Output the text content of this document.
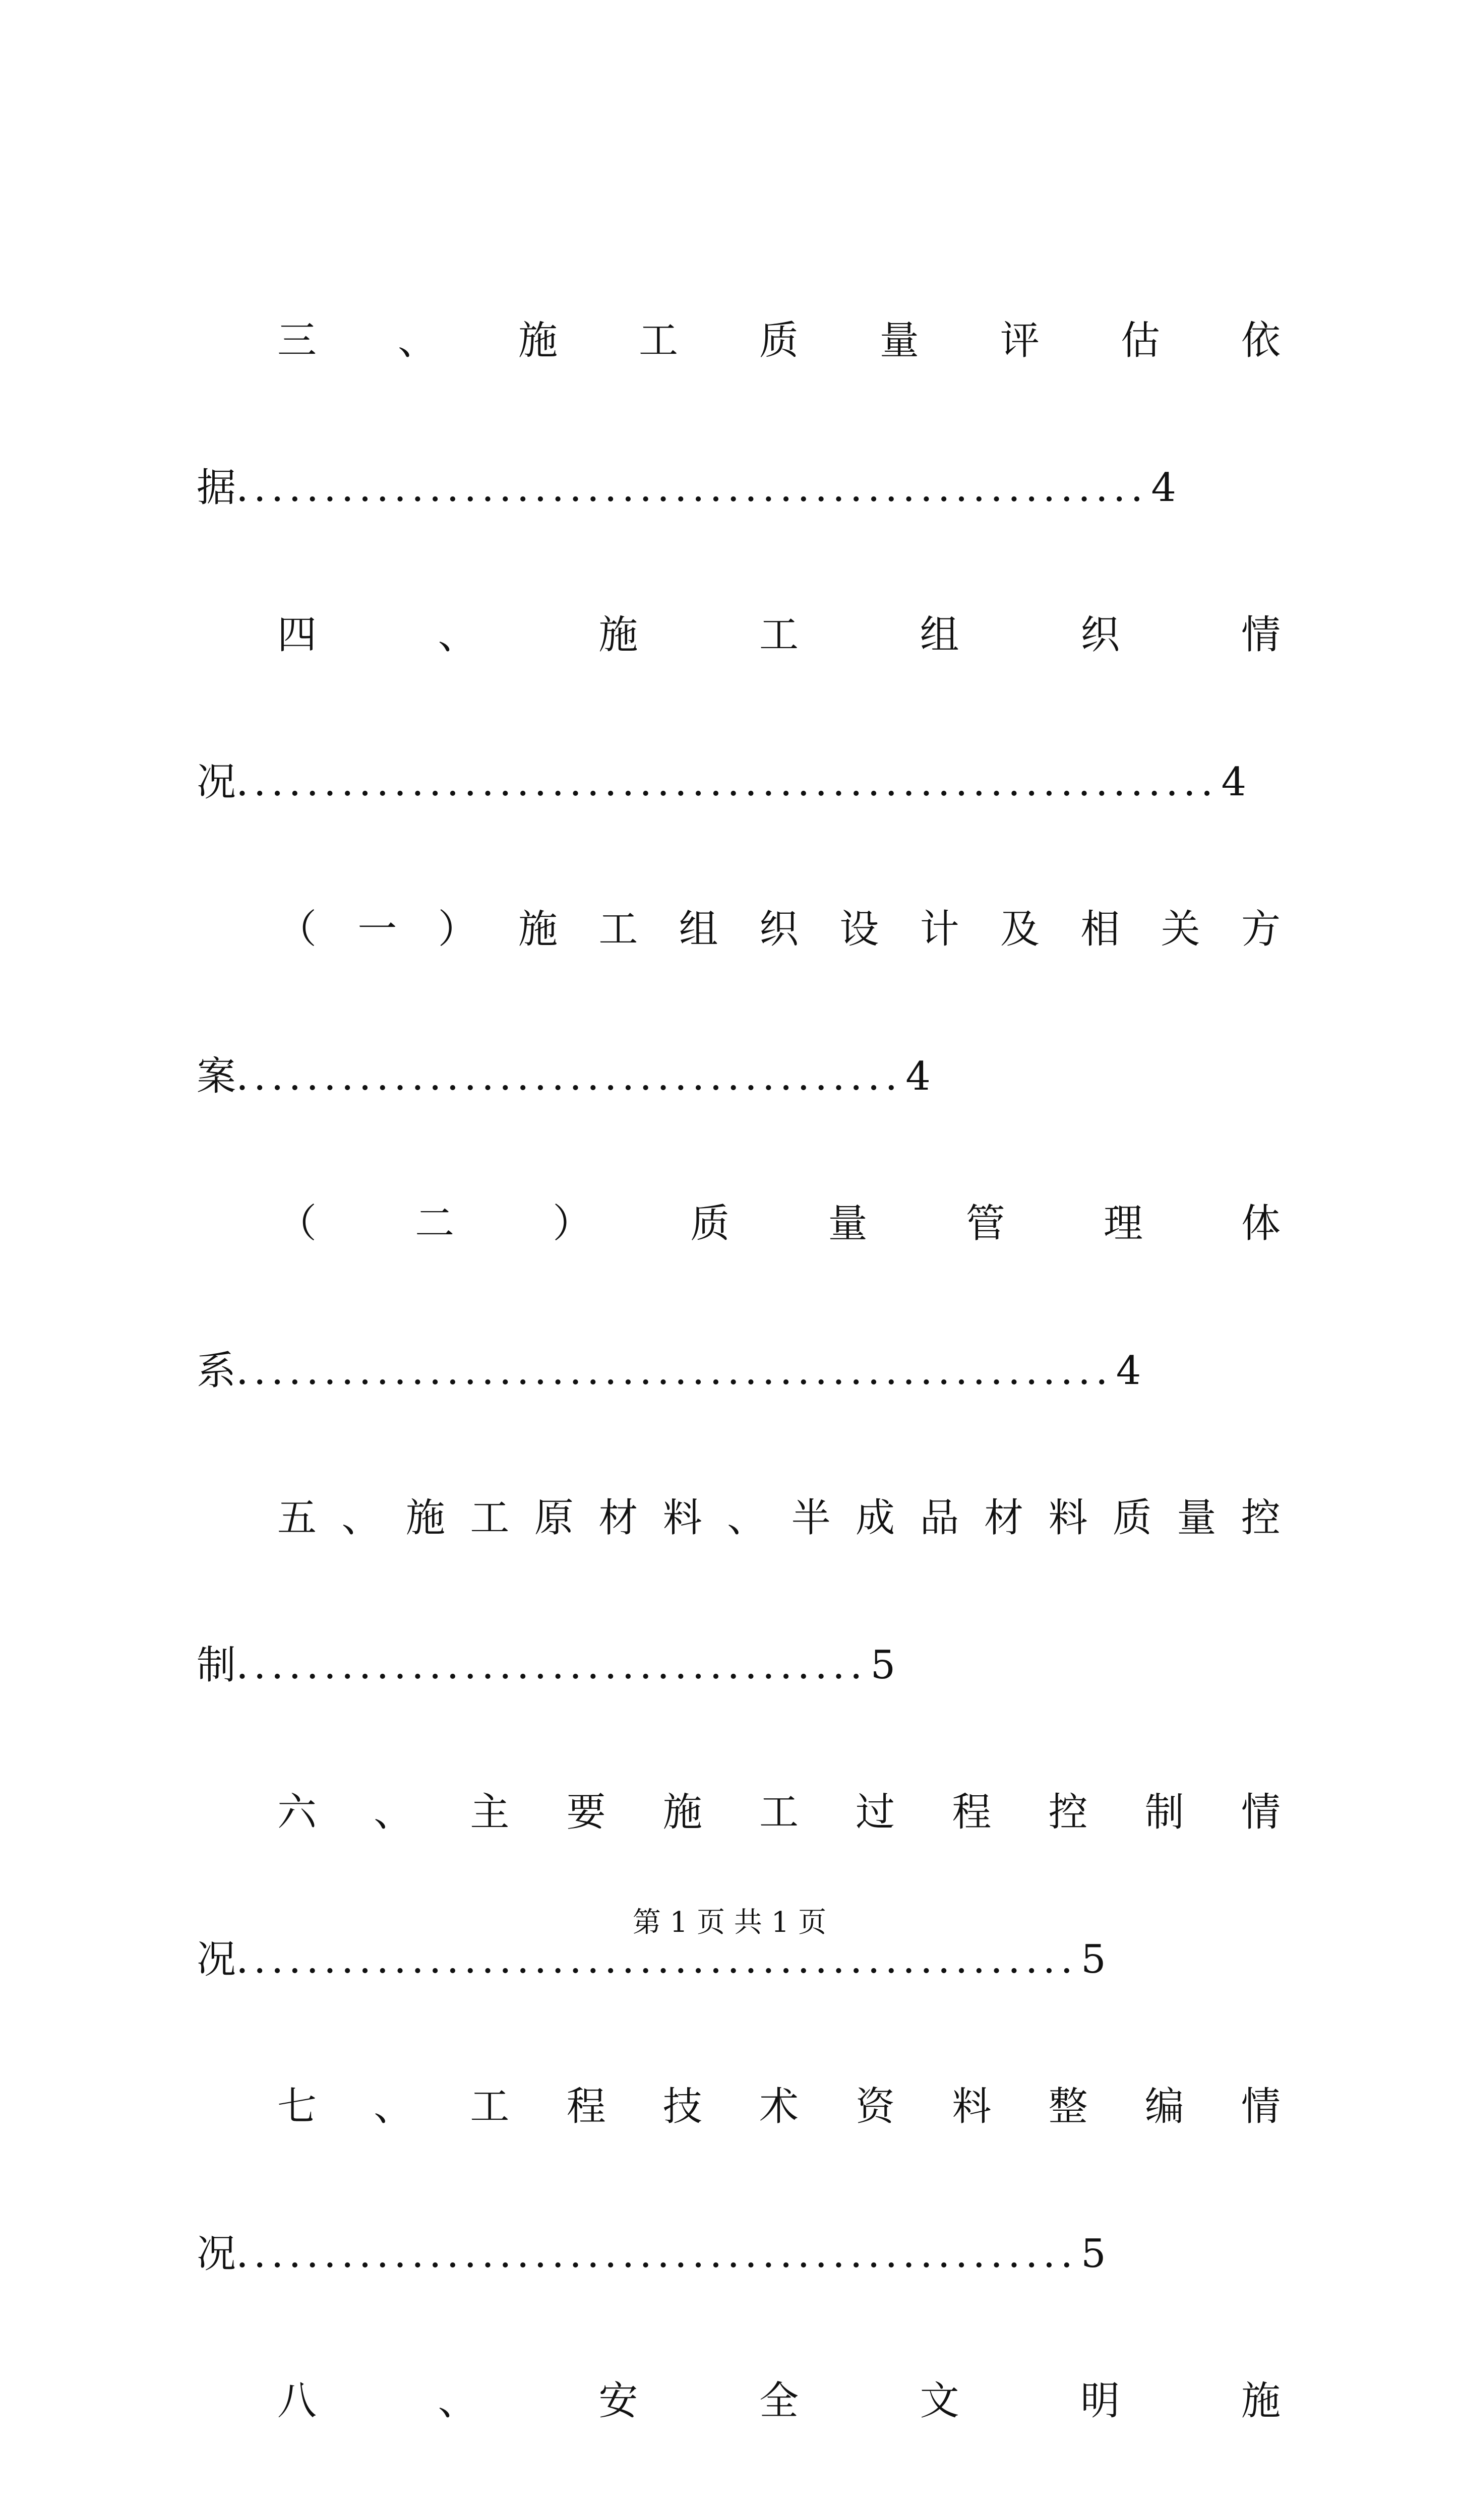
三 、 施 工 质 量 评 估 依
据 .................................................... 4
四	、	施	工	组	织	情
况 ........................................................ 4
（ 一 ） 施 工 组 织 设 计 及 相 关 方
案 ...................................... 4
（	二	）	质	量	管	理	体
系 .................................................. 4
五 、 施 工 原 材 料 、 半 成 品 材 料 质 量 控
制 .................................... 5
六 、 主 要 施 工 过 程 控 制 情
况 ................................................ 5
七 、 工 程 技 术 资 料 整 编 情
况 ................................................ 5
八	、	安	全	文	明	施
第 1 页 共 1 页
